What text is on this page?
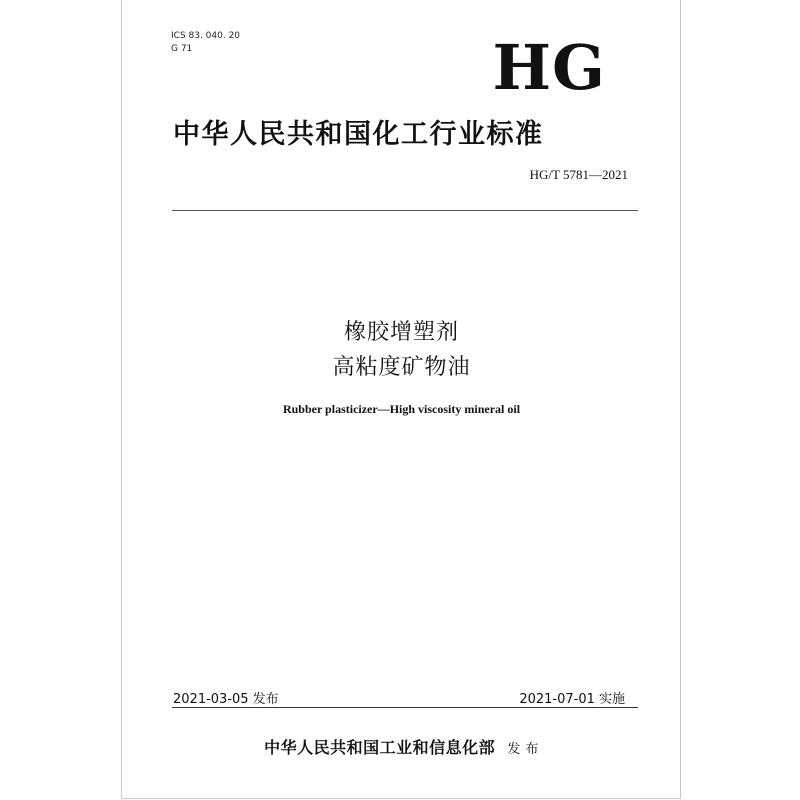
ICS 83. 040. 20
G 71	HG
中华人民共和国化工行业标准
HG/T 5781—2021
橡胶增塑剂
高粘度矿物油
Rubber plasticizer—High viscosity mineral oil
2021-03-05 发布	2021-07-01 实施
中华人民共和国工业和信息化部 发 布
